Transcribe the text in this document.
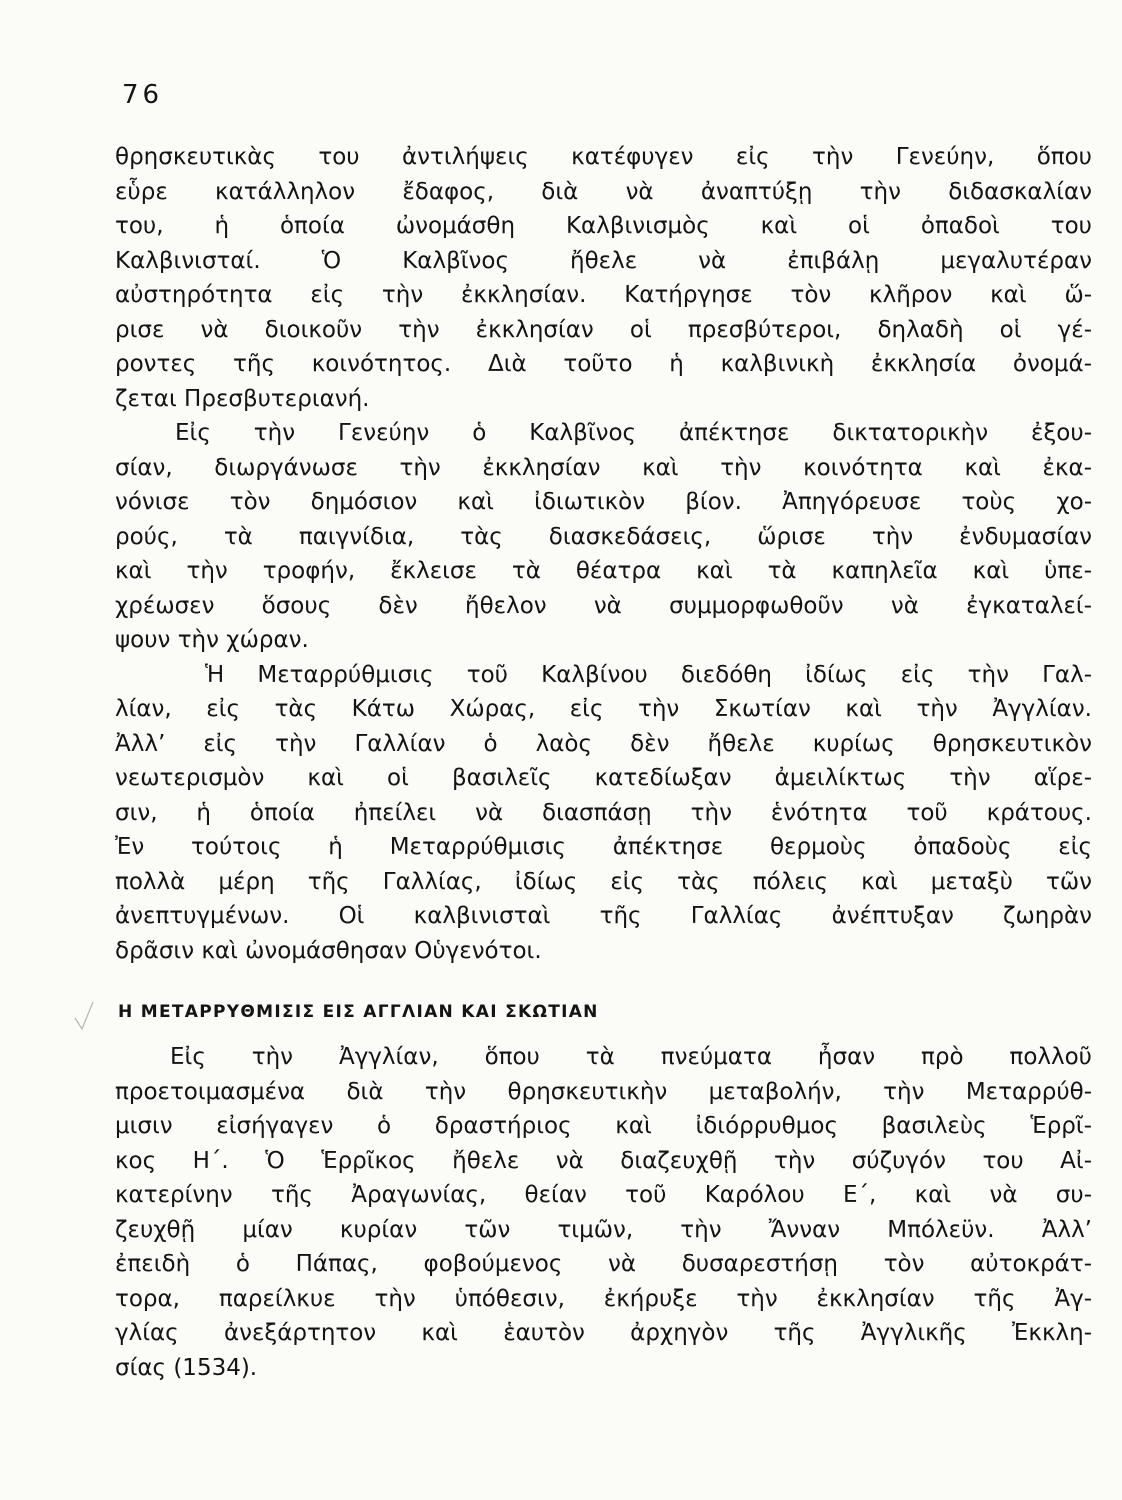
76
θρησκευτικὰς του ἀντιλήψεις κατέφυγεν εἰς τὴν Γενεύην, ὅπου
εὗρε κατάλληλον ἔδαφος, διὰ νὰ ἀναπτύξῃ τὴν διδασκαλίαν
του, ἡ ὁποία ὠνομάσθη Καλβινισμὸς καὶ οἱ ὀπαδοὶ του
Καλβινισταί. Ὁ Καλβῖνος ἤθελε νὰ ἐπιβάλῃ μεγαλυτέραν
αὐστηρότητα εἰς τὴν ἐκκλησίαν. Κατήργησε τὸν κλῆρον καὶ ὥ-
ρισε νὰ διοικοῦν τὴν ἐκκλησίαν οἱ πρεσβύτεροι, δηλαδὴ οἱ γέ-
ροντες τῆς κοινότητος. Διὰ τοῦτο ἡ καλβινικὴ ἐκκλησία ὀνομά-
ζεται Πρεσβυτεριανή.
Εἰς τὴν Γενεύην ὁ Καλβῖνος ἀπέκτησε δικτατορικὴν ἐξου-
σίαν, διωργάνωσε τὴν ἐκκλησίαν καὶ τὴν κοινότητα καὶ ἐκα-
νόνισε τὸν δημόσιον καὶ ἰδιωτικὸν βίον. Ἀπηγόρευσε τοὺς χο-
ρούς, τὰ παιγνίδια, τὰς διασκεδάσεις, ὥρισε τὴν ἐνδυμασίαν
καὶ τὴν τροφήν, ἔκλεισε τὰ θέατρα καὶ τὰ καπηλεῖα καὶ ὑπε-
χρέωσεν ὅσους δὲν ἤθελον νὰ συμμορφωθοῦν νὰ ἐγκαταλεί-
ψουν τὴν χώραν.
Ἡ Μεταρρύθμισις τοῦ Καλβίνου διεδόθη ἰδίως εἰς τὴν Γαλ-
λίαν, εἰς τὰς Κάτω Χώρας, εἰς τὴν Σκωτίαν καὶ τὴν Ἀγγλίαν.
Ἀλλ’ εἰς τὴν Γαλλίαν ὁ λαὸς δὲν ἤθελε κυρίως θρησκευτικὸν
νεωτερισμὸν καὶ οἱ βασιλεῖς κατεδίωξαν ἀμειλίκτως τὴν αἵρε-
σιν, ἡ ὁποία ἠπείλει νὰ διασπάσῃ τὴν ἑνότητα τοῦ κράτους.
Ἐν τούτοις ἡ Μεταρρύθμισις ἀπέκτησε θερμοὺς ὀπαδοὺς εἰς
πολλὰ μέρη τῆς Γαλλίας, ἰδίως εἰς τὰς πόλεις καὶ μεταξὺ τῶν
ἀνεπτυγμένων. Οἱ καλβινισταὶ τῆς Γαλλίας ἀνέπτυξαν ζωηρὰν
δρᾶσιν καὶ ὠνομάσθησαν Οὑγενότοι.
Η ΜΕΤΑΡΡΥΘΜΙΣΙΣ ΕΙΣ ΑΓΓΛΙΑΝ ΚΑΙ ΣΚΩΤΙΑΝ
Εἰς τὴν Ἀγγλίαν, ὅπου τὰ πνεύματα ἦσαν πρὸ πολλοῦ
προετοιμασμένα διὰ τὴν θρησκευτικὴν μεταβολήν, τὴν Μεταρρύθ-
μισιν εἰσήγαγεν ὁ δραστήριος καὶ ἰδιόρρυθμος βασιλεὺς Ἑρρῖ-
κος Η΄. Ὁ Ἑρρῖκος ἤθελε νὰ διαζευχθῇ τὴν σύζυγόν του Αἰ-
κατερίνην τῆς Ἀραγωνίας, θείαν τοῦ Καρόλου Ε΄, καὶ νὰ συ-
ζευχθῇ μίαν κυρίαν τῶν τιμῶν, τὴν Ἄνναν Μπόλεϋν. Ἀλλ’
ἐπειδὴ ὁ Πάπας, φοβούμενος νὰ δυσαρεστήσῃ τὸν αὐτοκράτ-
τορα, παρείλκυε τὴν ὑπόθεσιν, ἐκήρυξε τὴν ἐκκλησίαν τῆς Ἀγ-
γλίας ἀνεξάρτητον καὶ ἑαυτὸν ἀρχηγὸν τῆς Ἀγγλικῆς Ἐκκλη-
σίας (1534).
